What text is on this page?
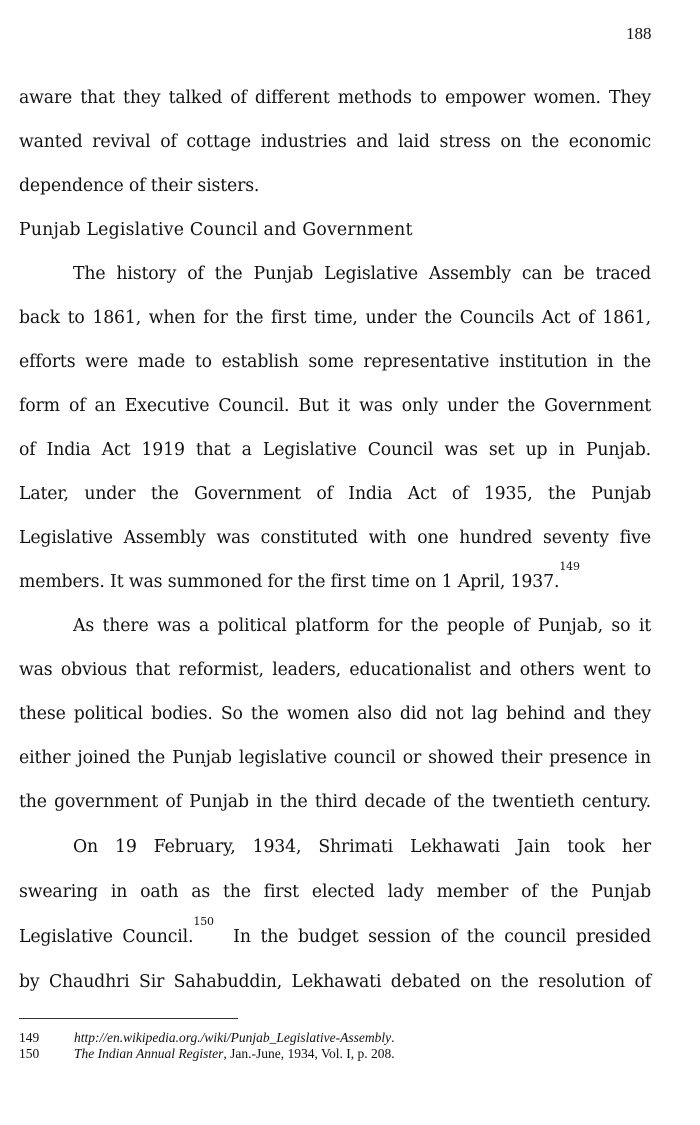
188
aware that they talked of different methods to empower women. They
wanted revival of cottage industries and laid stress on the economic
dependence of their sisters.
Punjab Legislative Council and Government
The history of the Punjab Legislative Assembly can be traced
back to 1861, when for the first time, under the Councils Act of 1861,
efforts were made to establish some representative institution in the
form of an Executive Council. But it was only under the Government
of India Act 1919 that a Legislative Council was set up in Punjab.
Later, under the Government of India Act of 1935, the Punjab
Legislative Assembly was constituted with one hundred seventy five
members. It was summoned for the first time on 1 April, 1937.$^{149}$
As there was a political platform for the people of Punjab, so it
was obvious that reformist, leaders, educationalist and others went to
these political bodies. So the women also did not lag behind and they
either joined the Punjab legislative council or showed their presence in
the government of Punjab in the third decade of the twentieth century.
On 19 February, 1934, Shrimati Lekhawati Jain took her
swearing in oath as the first elected lady member of the Punjab
Legislative Council.$^{150}$  In the budget session of the council presided
by Chaudhri Sir Sahabuddin, Lekhawati debated on the resolution of
149	http://en.wikipedia.org./wiki/Punjab_Legislative-Assembly.
150	The Indian Annual Register, Jan.-June, 1934, Vol. I, p. 208.
